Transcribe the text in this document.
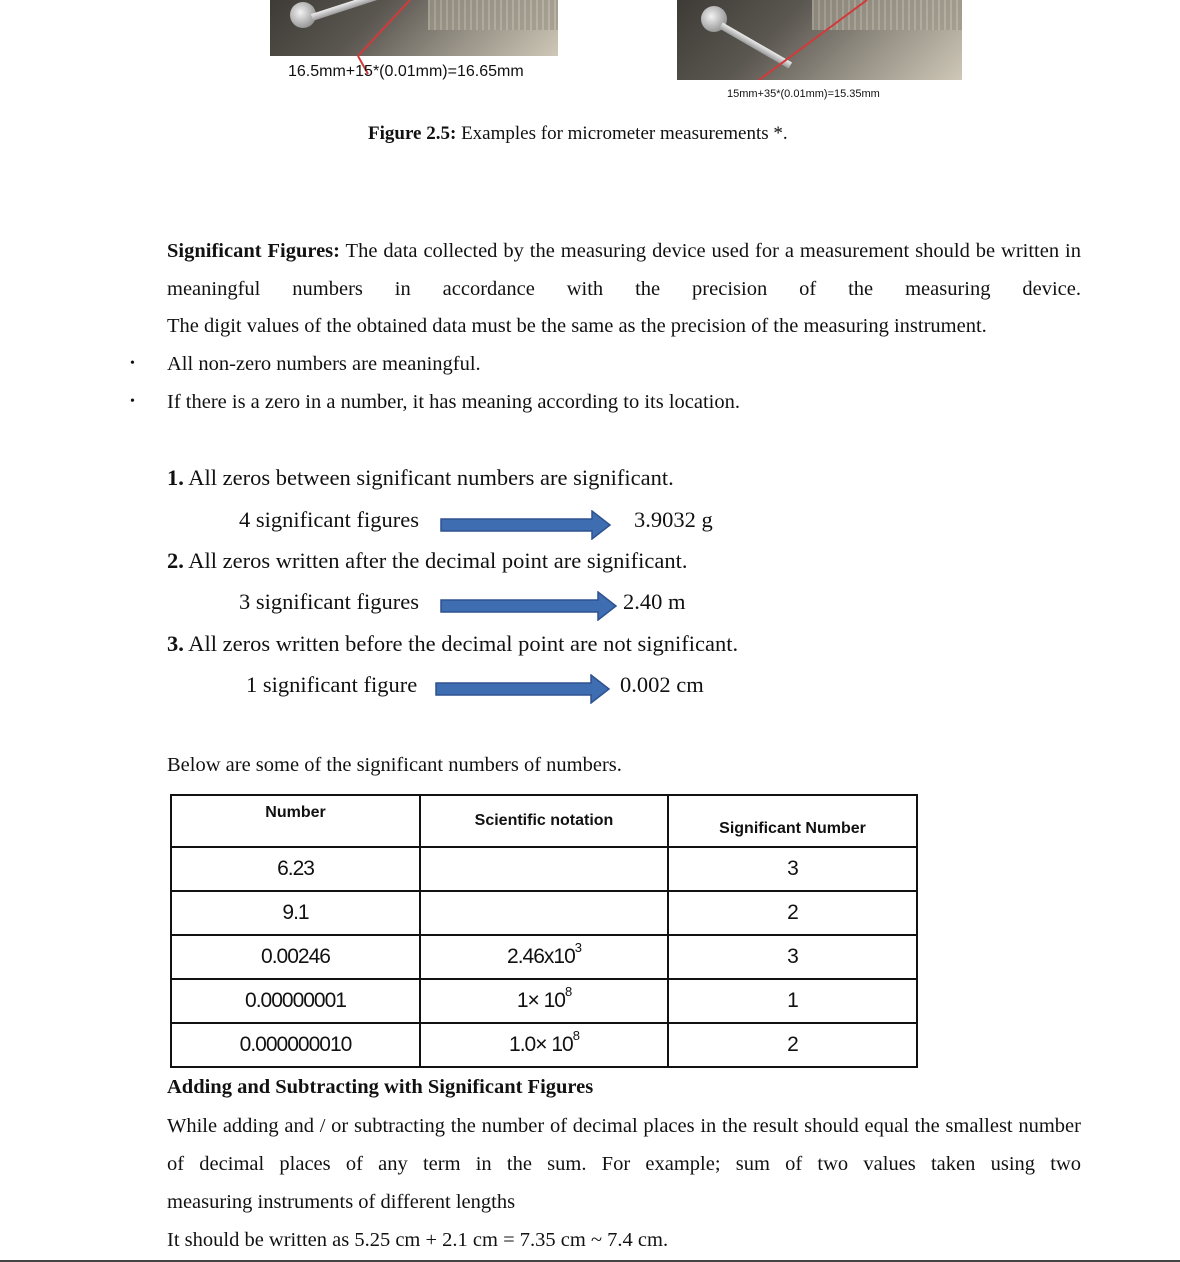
16.5mm+15*(0.01mm)=16.65mm
15mm+35*(0.01mm)=15.35mm
Figure 2.5: Examples for micrometer measurements *.
Significant Figures: The data collected by the measuring device used for a measurement should be written in meaningful numbers in accordance with the precision of the measuring device.
The digit values of the obtained data must be the same as the precision of the measuring instrument.
• All non-zero numbers are meaningful.
• If there is a zero in a number, it has meaning according to its location.
1. All zeros between significant numbers are significant.
4 significant figures	3.9032 g
2. All zeros written after the decimal point are significant.
3 significant figures	2.40 m
3. All zeros written before the decimal point are not significant.
1 significant figure	0.002 cm
Below are some of the significant numbers of numbers.
Number	Scientific notation	Significant Number
6.23		3
9.1		2
0.00246	$2.46x10^3$	3
0.00000001	$1\times 10^8$	1
0.000000010	$1.0\times 10^8$	2
Adding and Subtracting with Significant Figures
While adding and / or subtracting the number of decimal places in the result should equal the smallest number of decimal places of any term in the sum. For example; sum of two values taken using two
measuring instruments of different lengths
It should be written as 5.25 cm + 2.1 cm = 7.35 cm ~ 7.4 cm.
